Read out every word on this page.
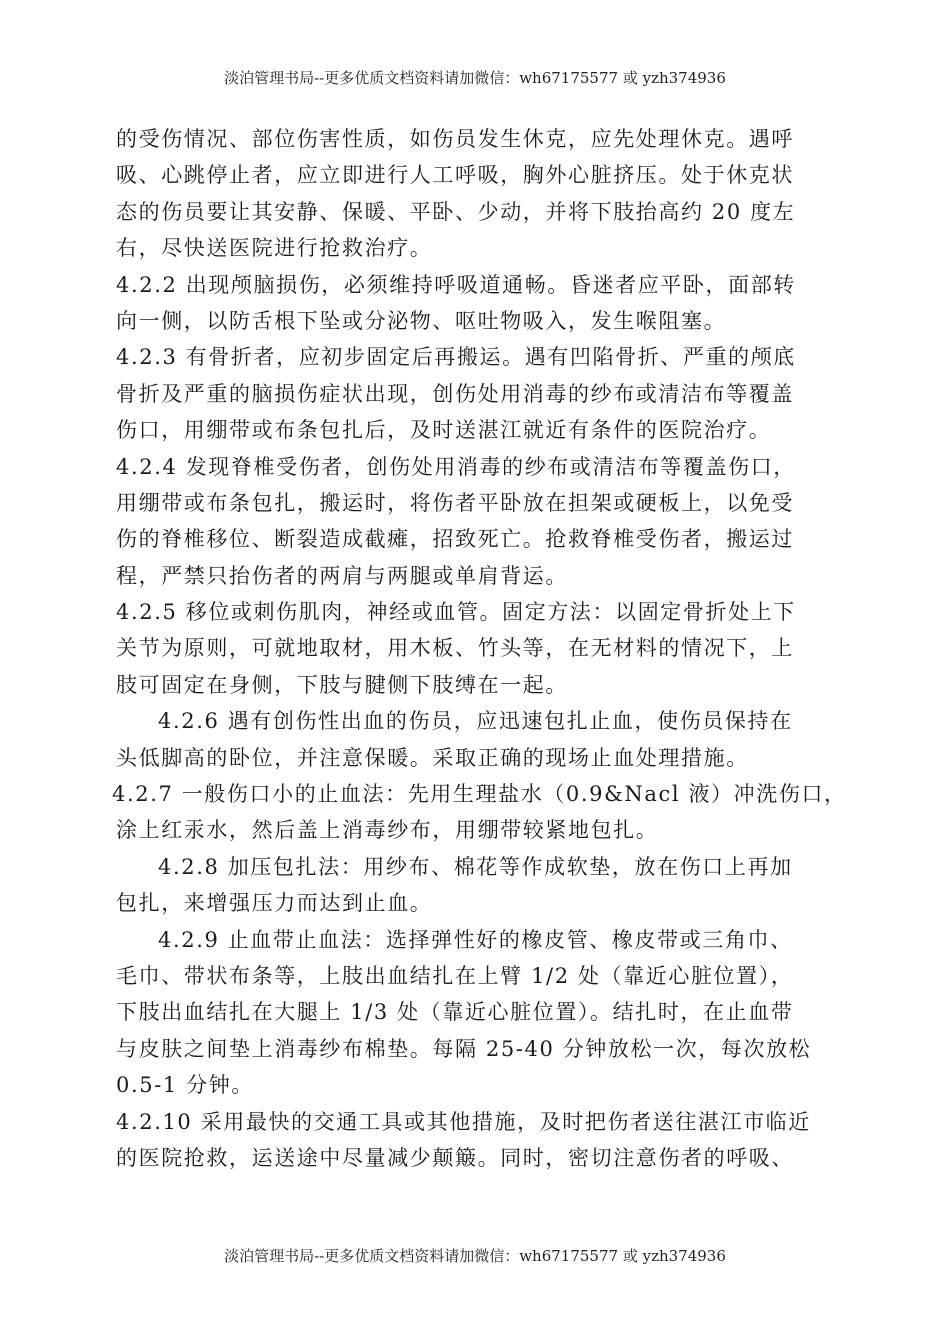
淡泊管理书局--更多优质文档资料请加微信：wh67175577 或 yzh374936
的受伤情况、部位伤害性质，如伤员发生休克，应先处理休克。遇呼
吸、心跳停止者，应立即进行人工呼吸，胸外心脏挤压。处于休克状
态的伤员要让其安静、保暖、平卧、少动，并将下肢抬高约 20 度左
右，尽快送医院进行抢救治疗。
4.2.2 出现颅脑损伤，必须维持呼吸道通畅。昏迷者应平卧，面部转
向一侧，以防舌根下坠或分泌物、呕吐物吸入，发生喉阻塞。
4.2.3 有骨折者，应初步固定后再搬运。遇有凹陷骨折、严重的颅底
骨折及严重的脑损伤症状出现，创伤处用消毒的纱布或清洁布等覆盖
伤口，用绷带或布条包扎后，及时送湛江就近有条件的医院治疗。
4.2.4 发现脊椎受伤者，创伤处用消毒的纱布或清洁布等覆盖伤口，
用绷带或布条包扎，搬运时，将伤者平卧放在担架或硬板上，以免受
伤的脊椎移位、断裂造成截瘫，招致死亡。抢救脊椎受伤者，搬运过
程，严禁只抬伤者的两肩与两腿或单肩背运。
4.2.5 移位或刺伤肌肉，神经或血管。固定方法：以固定骨折处上下
关节为原则，可就地取材，用木板、竹头等，在无材料的情况下，上
肢可固定在身侧，下肢与腱侧下肢缚在一起。
4.2.6 遇有创伤性出血的伤员，应迅速包扎止血，使伤员保持在
头低脚高的卧位，并注意保暖。采取正确的现场止血处理措施。
4.2.7 一般伤口小的止血法：先用生理盐水（0.9&Nacl 液）冲洗伤口，
涂上红汞水，然后盖上消毒纱布，用绷带较紧地包扎。
4.2.8 加压包扎法：用纱布、棉花等作成软垫，放在伤口上再加
包扎，来增强压力而达到止血。
4.2.9 止血带止血法：选择弹性好的橡皮管、橡皮带或三角巾、
毛巾、带状布条等，上肢出血结扎在上臂 1/2 处（靠近心脏位置），
下肢出血结扎在大腿上 1/3 处（靠近心脏位置）。结扎时，在止血带
与皮肤之间垫上消毒纱布棉垫。每隔 25-40 分钟放松一次，每次放松
0.5-1 分钟。
4.2.10 采用最快的交通工具或其他措施，及时把伤者送往湛江市临近
的医院抢救，运送途中尽量减少颠簸。同时，密切注意伤者的呼吸、
淡泊管理书局--更多优质文档资料请加微信：wh67175577 或 yzh374936
